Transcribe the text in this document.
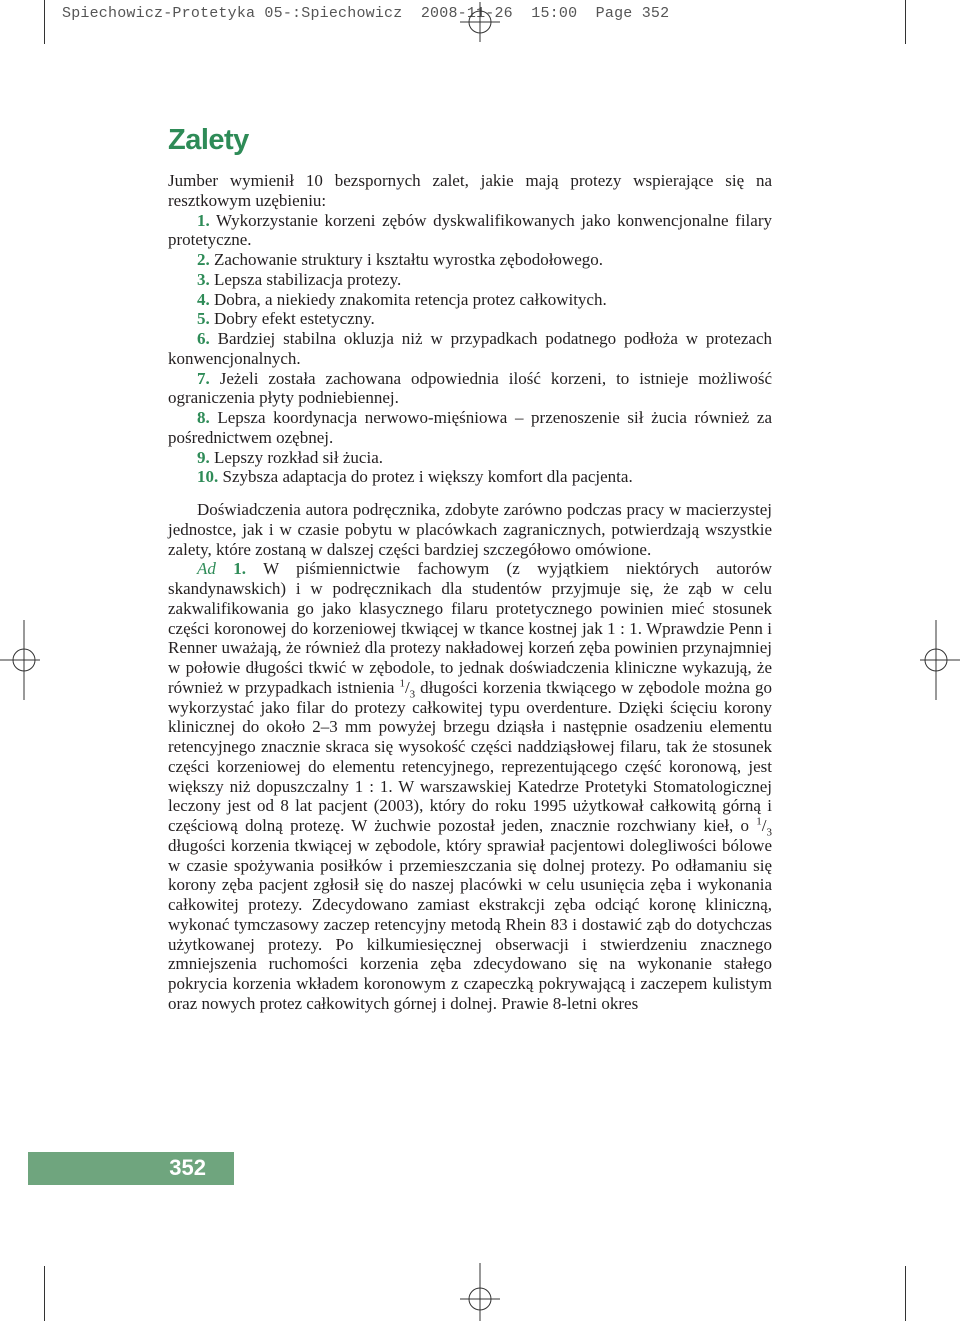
Spiechowicz-Protetyka 05-:Spiechowicz  2008-11-26  15:00  Page 352
Zalety

Jumber wymienił 10 bezspornych zalet, jakie mają protezy wspierające się na resztkowym uzębieniu:

1. Wykorzystanie korzeni zębów dyskwalifikowanych jako konwencjonalne filary protetyczne.

2. Zachowanie struktury i kształtu wyrostka zębodołowego.

3. Lepsza stabilizacja protezy.

4. Dobra, a niekiedy znakomita retencja protez całkowitych.

5. Dobry efekt estetyczny.

6. Bardziej stabilna okluzja niż w przypadkach podatnego podłoża w protezach konwencjonalnych.

7. Jeżeli została zachowana odpowiednia ilość korzeni, to istnieje możliwość ograniczenia płyty podniebiennej.

8. Lepsza koordynacja nerwowo-mięśniowa – przenoszenie sił żucia również za pośrednictwem ozębnej.

9. Lepszy rozkład sił żucia.

10. Szybsza adaptacja do protez i większy komfort dla pacjenta.

Doświadczenia autora podręcznika, zdobyte zarówno podczas pracy w macierzystej jednostce, jak i w czasie pobytu w placówkach zagranicznych, potwierdzają wszystkie zalety, które zostaną w dalszej części bardziej szczegółowo omówione.

Ad 1. W piśmiennictwie fachowym (z wyjątkiem niektórych autorów skandynawskich) i w podręcznikach dla studentów przyjmuje się, że ząb w celu zakwalifikowania go jako klasycznego filaru protetycznego powinien mieć stosunek części koronowej do korzeniowej tkwiącej w tkance kostnej jak 1 : 1. Wprawdzie Penn i Renner uważają, że również dla protezy nakładowej korzeń zęba powinien przynajmniej w połowie długości tkwić w zębodole, to jednak doświadczenia kliniczne wykazują, że również w przypadkach istnienia $^1/_3$ długości korzenia tkwiącego w zębodole można go wykorzystać jako filar do protezy całkowitej typu overdenture. Dzięki ścięciu korony klinicznej do około 2–3 mm powyżej brzegu dziąsła i następnie osadzeniu elementu retencyjnego znacznie skraca się wysokość części naddziąsłowej filaru, tak że stosunek części korzeniowej do elementu retencyjnego, reprezentującego część koronową, jest większy niż dopuszczalny 1 : 1. W warszawskiej Katedrze Protetyki Stomatologicznej leczony jest od 8 lat pacjent (2003), który do roku 1995 użytkował całkowitą górną i częściową dolną protezę. W żuchwie pozostał jeden, znacznie rozchwiany kieł, o $^1/_3$ długości korzenia tkwiącej w zębodole, który sprawiał pacjentowi dolegliwości bólowe w czasie spożywania posiłków i przemieszczania się dolnej protezy. Po odłamaniu się korony zęba pacjent zgłosił się do naszej placówki w celu usunięcia zęba i wykonania całkowitej protezy. Zdecydowano zamiast ekstrakcji zęba odciąć koronę kliniczną, wykonać tymczasowy zaczep retencyjny metodą Rhein 83 i dostawić ząb do dotychczas użytkowanej protezy. Po kilkumiesięcznej obserwacji i stwierdzeniu znacznego zmniejszenia ruchomości korzenia zęba zdecydowano się na wykonanie stałego pokrycia korzenia wkładem koronowym z czapeczką pokrywającą i zaczepem kulistym oraz nowych protez całkowitych górnej i dolnej. Prawie 8-letni okres

352
